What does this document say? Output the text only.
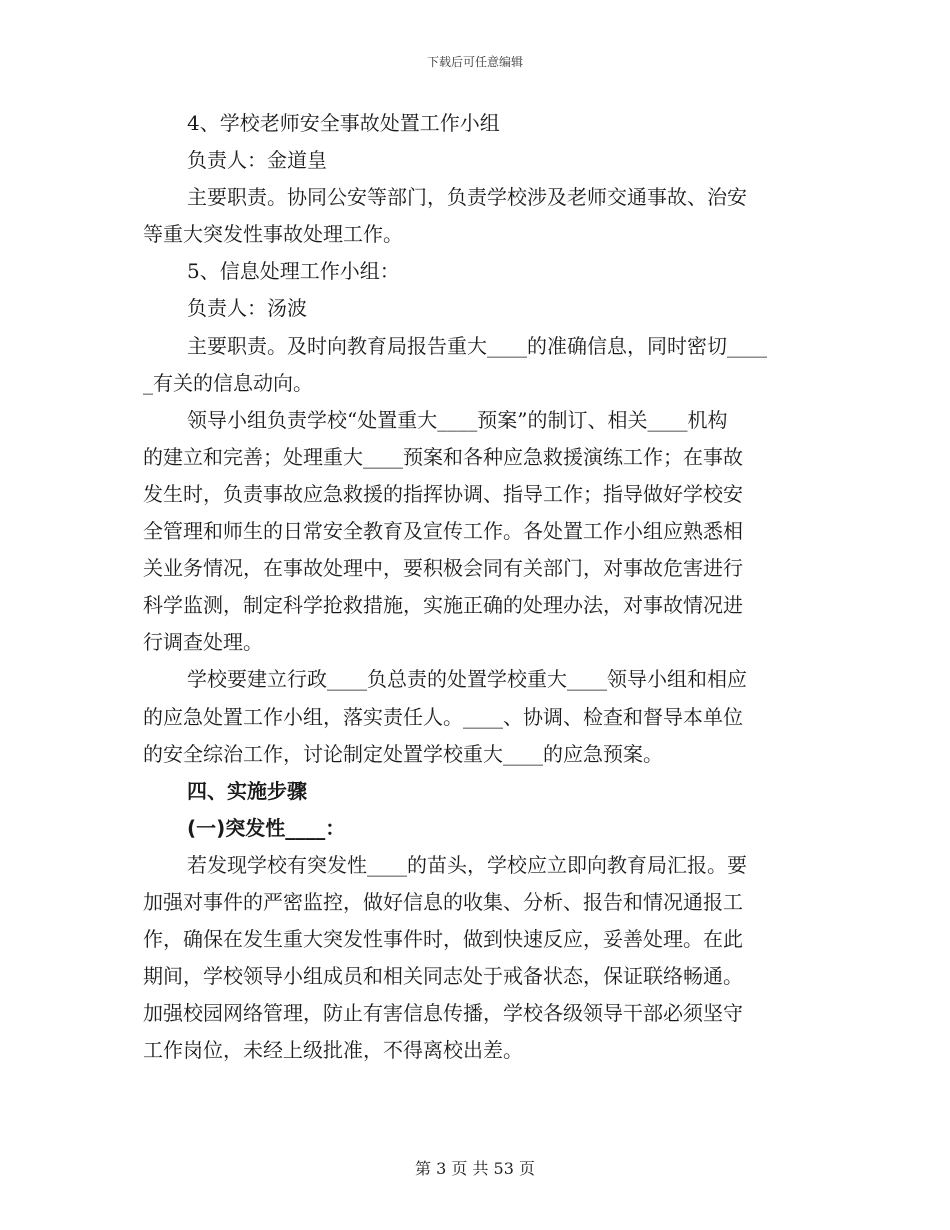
下载后可任意编辑
4、学校老师安全事故处置工作小组
负责人：金道皇
主要职责。协同公安等部门，负责学校涉及老师交通事故、治安
等重大突发性事故处理工作。
5、信息处理工作小组：
负责人：汤波
主要职责。及时向教育局报告重大____的准确信息，同时密切____
_有关的信息动向。
领导小组负责学校“处置重大____预案”的制订、相关____机构
的建立和完善；处理重大____预案和各种应急救援演练工作；在事故
发生时，负责事故应急救援的指挥协调、指导工作；指导做好学校安
全管理和师生的日常安全教育及宣传工作。各处置工作小组应熟悉相
关业务情况，在事故处理中，要积极会同有关部门，对事故危害进行
科学监测，制定科学抢救措施，实施正确的处理办法，对事故情况进
行调查处理。
学校要建立行政____负总责的处置学校重大____领导小组和相应
的应急处置工作小组，落实责任人。____、协调、检查和督导本单位
的安全综治工作，讨论制定处置学校重大____的应急预案。
四、实施步骤
(一)突发性____：
若发现学校有突发性____的苗头，学校应立即向教育局汇报。要
加强对事件的严密监控，做好信息的收集、分析、报告和情况通报工
作，确保在发生重大突发性事件时，做到快速反应，妥善处理。在此
期间，学校领导小组成员和相关同志处于戒备状态，保证联络畅通。
加强校园网络管理，防止有害信息传播，学校各级领导干部必须坚守
工作岗位，未经上级批准，不得离校出差。
第 3 页 共 53 页
